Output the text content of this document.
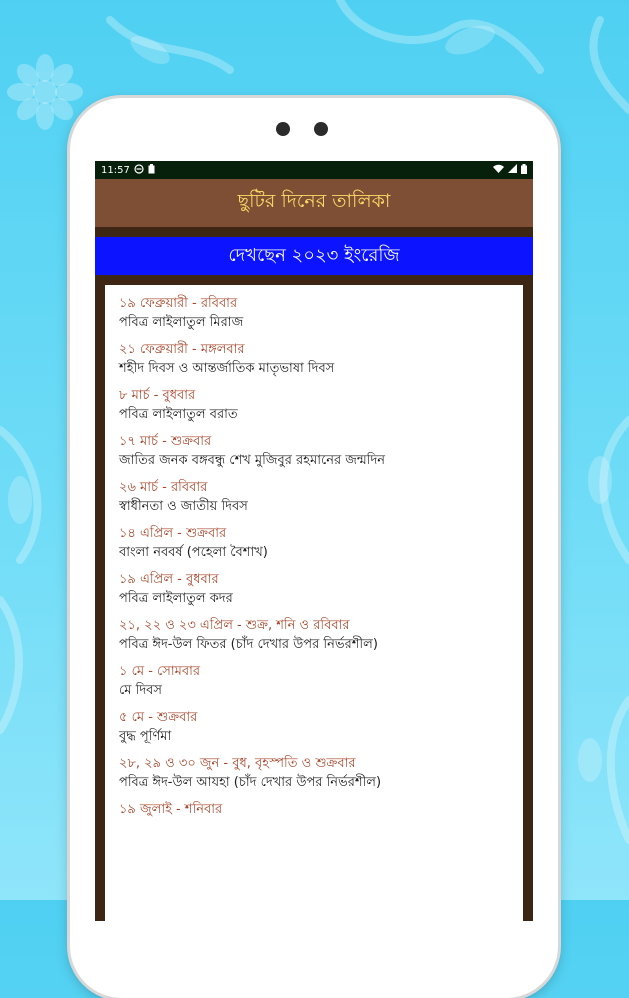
11:57
ছুটির দিনের তালিকা
দেখছেন ২০২৩ ইংরেজি
১৯ ফেব্রুয়ারী - রবিবার
পবিত্র লাইলাতুল মিরাজ
২১ ফেব্রুয়ারী - মঙ্গলবার
শহীদ দিবস ও আন্তর্জাতিক মাতৃভাষা দিবস
৮ মার্চ - বুধবার
পবিত্র লাইলাতুল বরাত
১৭ মার্চ - শুক্রবার
জাতির জনক বঙ্গবন্ধু শেখ মুজিবুর রহমানের জন্মদিন
২৬ মার্চ - রবিবার
স্বাধীনতা ও জাতীয় দিবস
১৪ এপ্রিল - শুক্রবার
বাংলা নববর্ষ (পহেলা বৈশাখ)
১৯ এপ্রিল - বুধবার
পবিত্র লাইলাতুল কদর
২১, ২২ ও ২৩ এপ্রিল - শুক্র, শনি ও রবিবার
পবিত্র ঈদ-উল ফিতর (চাঁদ দেখার উপর নির্ভরশীল)
১ মে - সোমবার
মে দিবস
৫ মে - শুক্রবার
বুদ্ধ পূর্ণিমা
২৮, ২৯ ও ৩০ জুন - বুধ, বৃহস্পতি ও শুক্রবার
পবিত্র ঈদ-উল আযহা (চাঁদ দেখার উপর নির্ভরশীল)
১৯ জুলাই - শনিবার
